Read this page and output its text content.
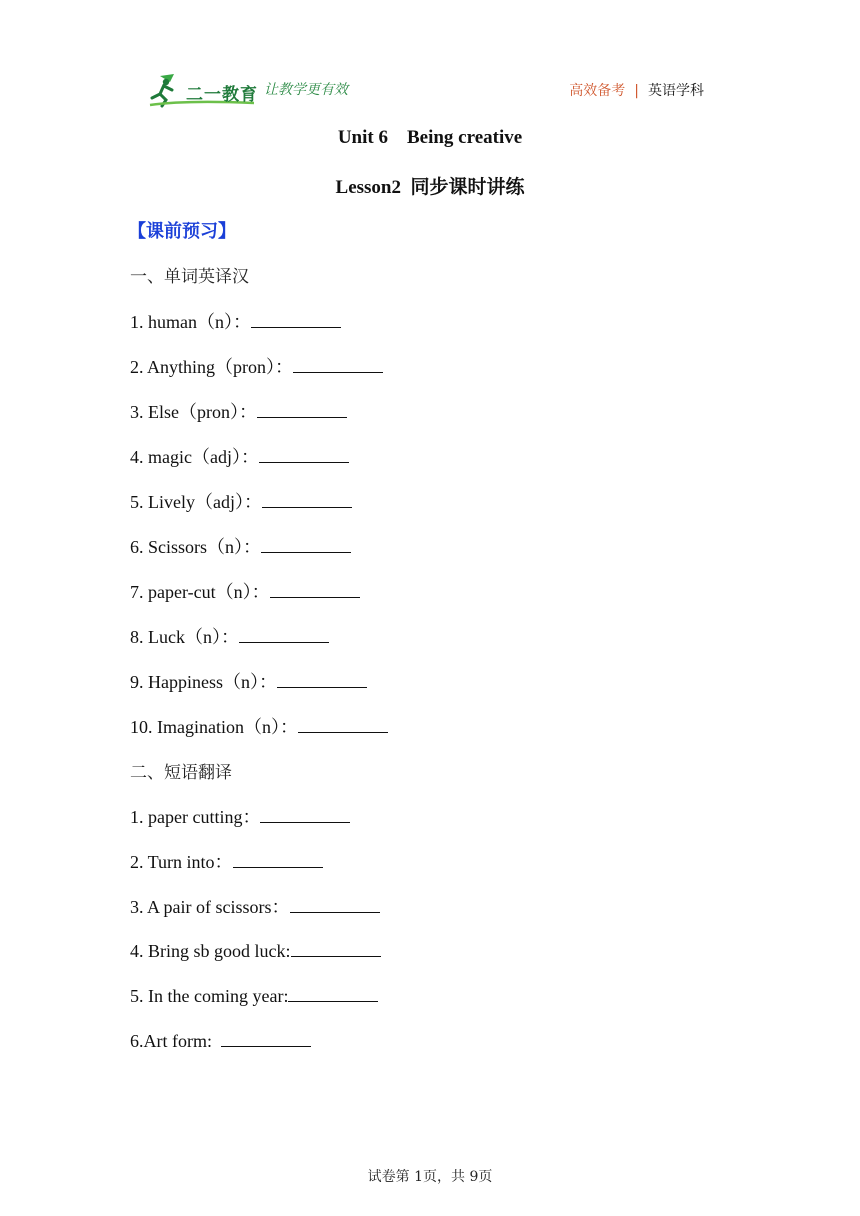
二一教育 让教学更有效	高效备考 | 英语学科
Unit 6    Being creative
Lesson2  同步课时讲练
【课前预习】
一、单词英译汉
1. human（n）：
2. Anything（pron）：
3. Else（pron）：
4. magic（adj）：
5. Lively（adj）：
6. Scissors（n）：
7. paper-cut（n）：
8. Luck（n）：
9. Happiness（n）：
10. Imagination（n）：
二、短语翻译
1. paper cutting：
2. Turn into：
3. A pair of scissors：
4. Bring sb good luck:
5. In the coming year:
6.Art form:
试卷第 1页，共 9页
